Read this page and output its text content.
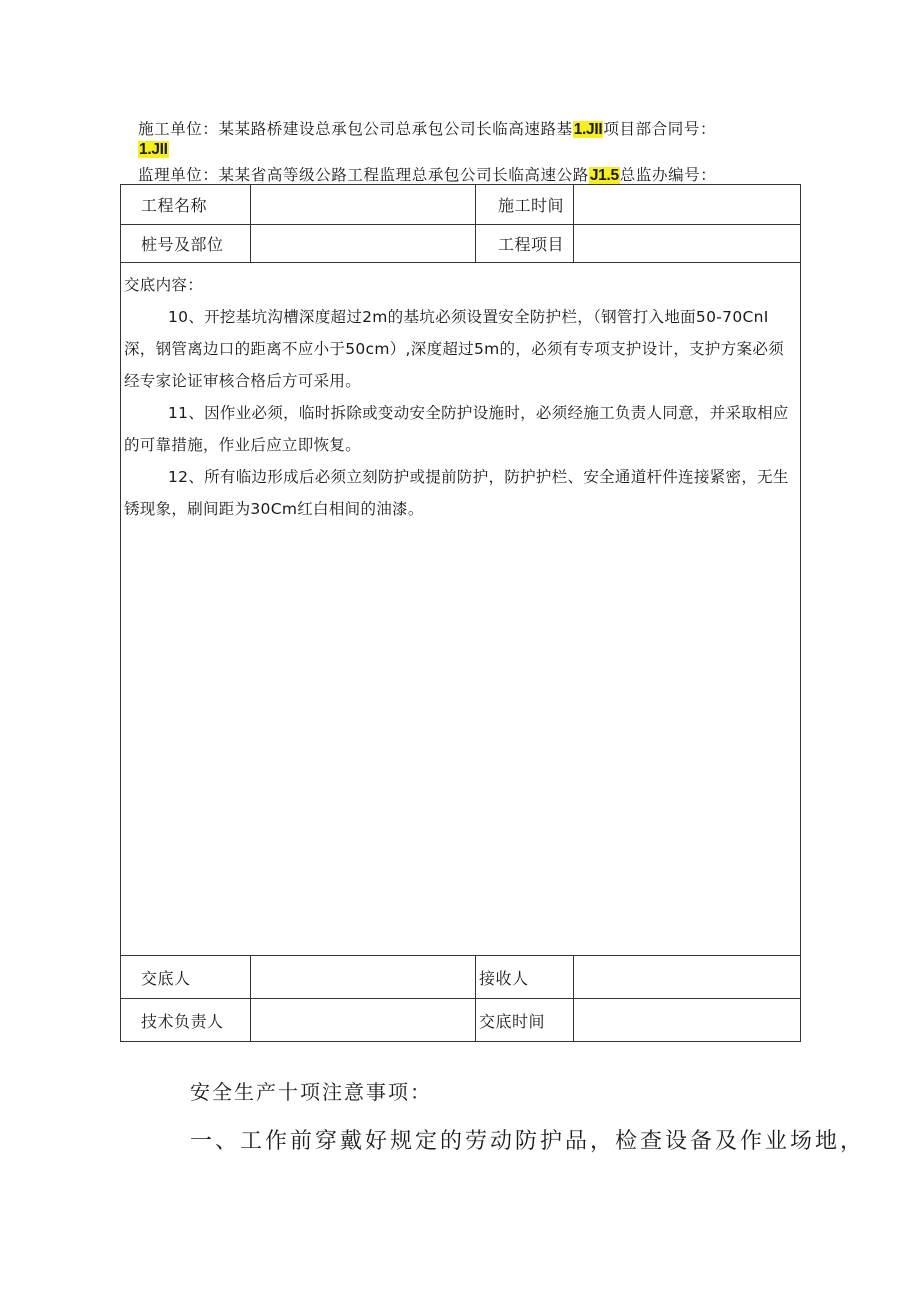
施工单位：某某路桥建设总承包公司总承包公司长临高速路基1.JII项目部合同号：
1.JII
监理单位：某某省高等级公路工程监理总承包公司长临高速公路J1.5总监办编号：
工程名称		施工时间	
桩号及部位		工程项目	

交底内容：

10、开挖基坑沟槽深度超过2m的基坑必须设置安全防护栏，（钢管打入地面50-70CnI深，钢管离边口的距离不应小于50cm）,深度超过5m的，必须有专项支护设计，支护方案必须经专家论证审核合格后方可采用。

11、因作业必须，临时拆除或变动安全防护设施时，必须经施工负责人同意，并采取相应的可靠措施，作业后应立即恢复。

12、所有临边形成后必须立刻防护或提前防护，防护护栏、安全通道杆件连接紧密，无生锈现象，刷间距为30Cm红白相间的油漆。			

交底人		接收人	
技术负责人		交底时间	
安全生产十项注意事项：
一、工作前穿戴好规定的劳动防护品，检查设备及作业场地，
